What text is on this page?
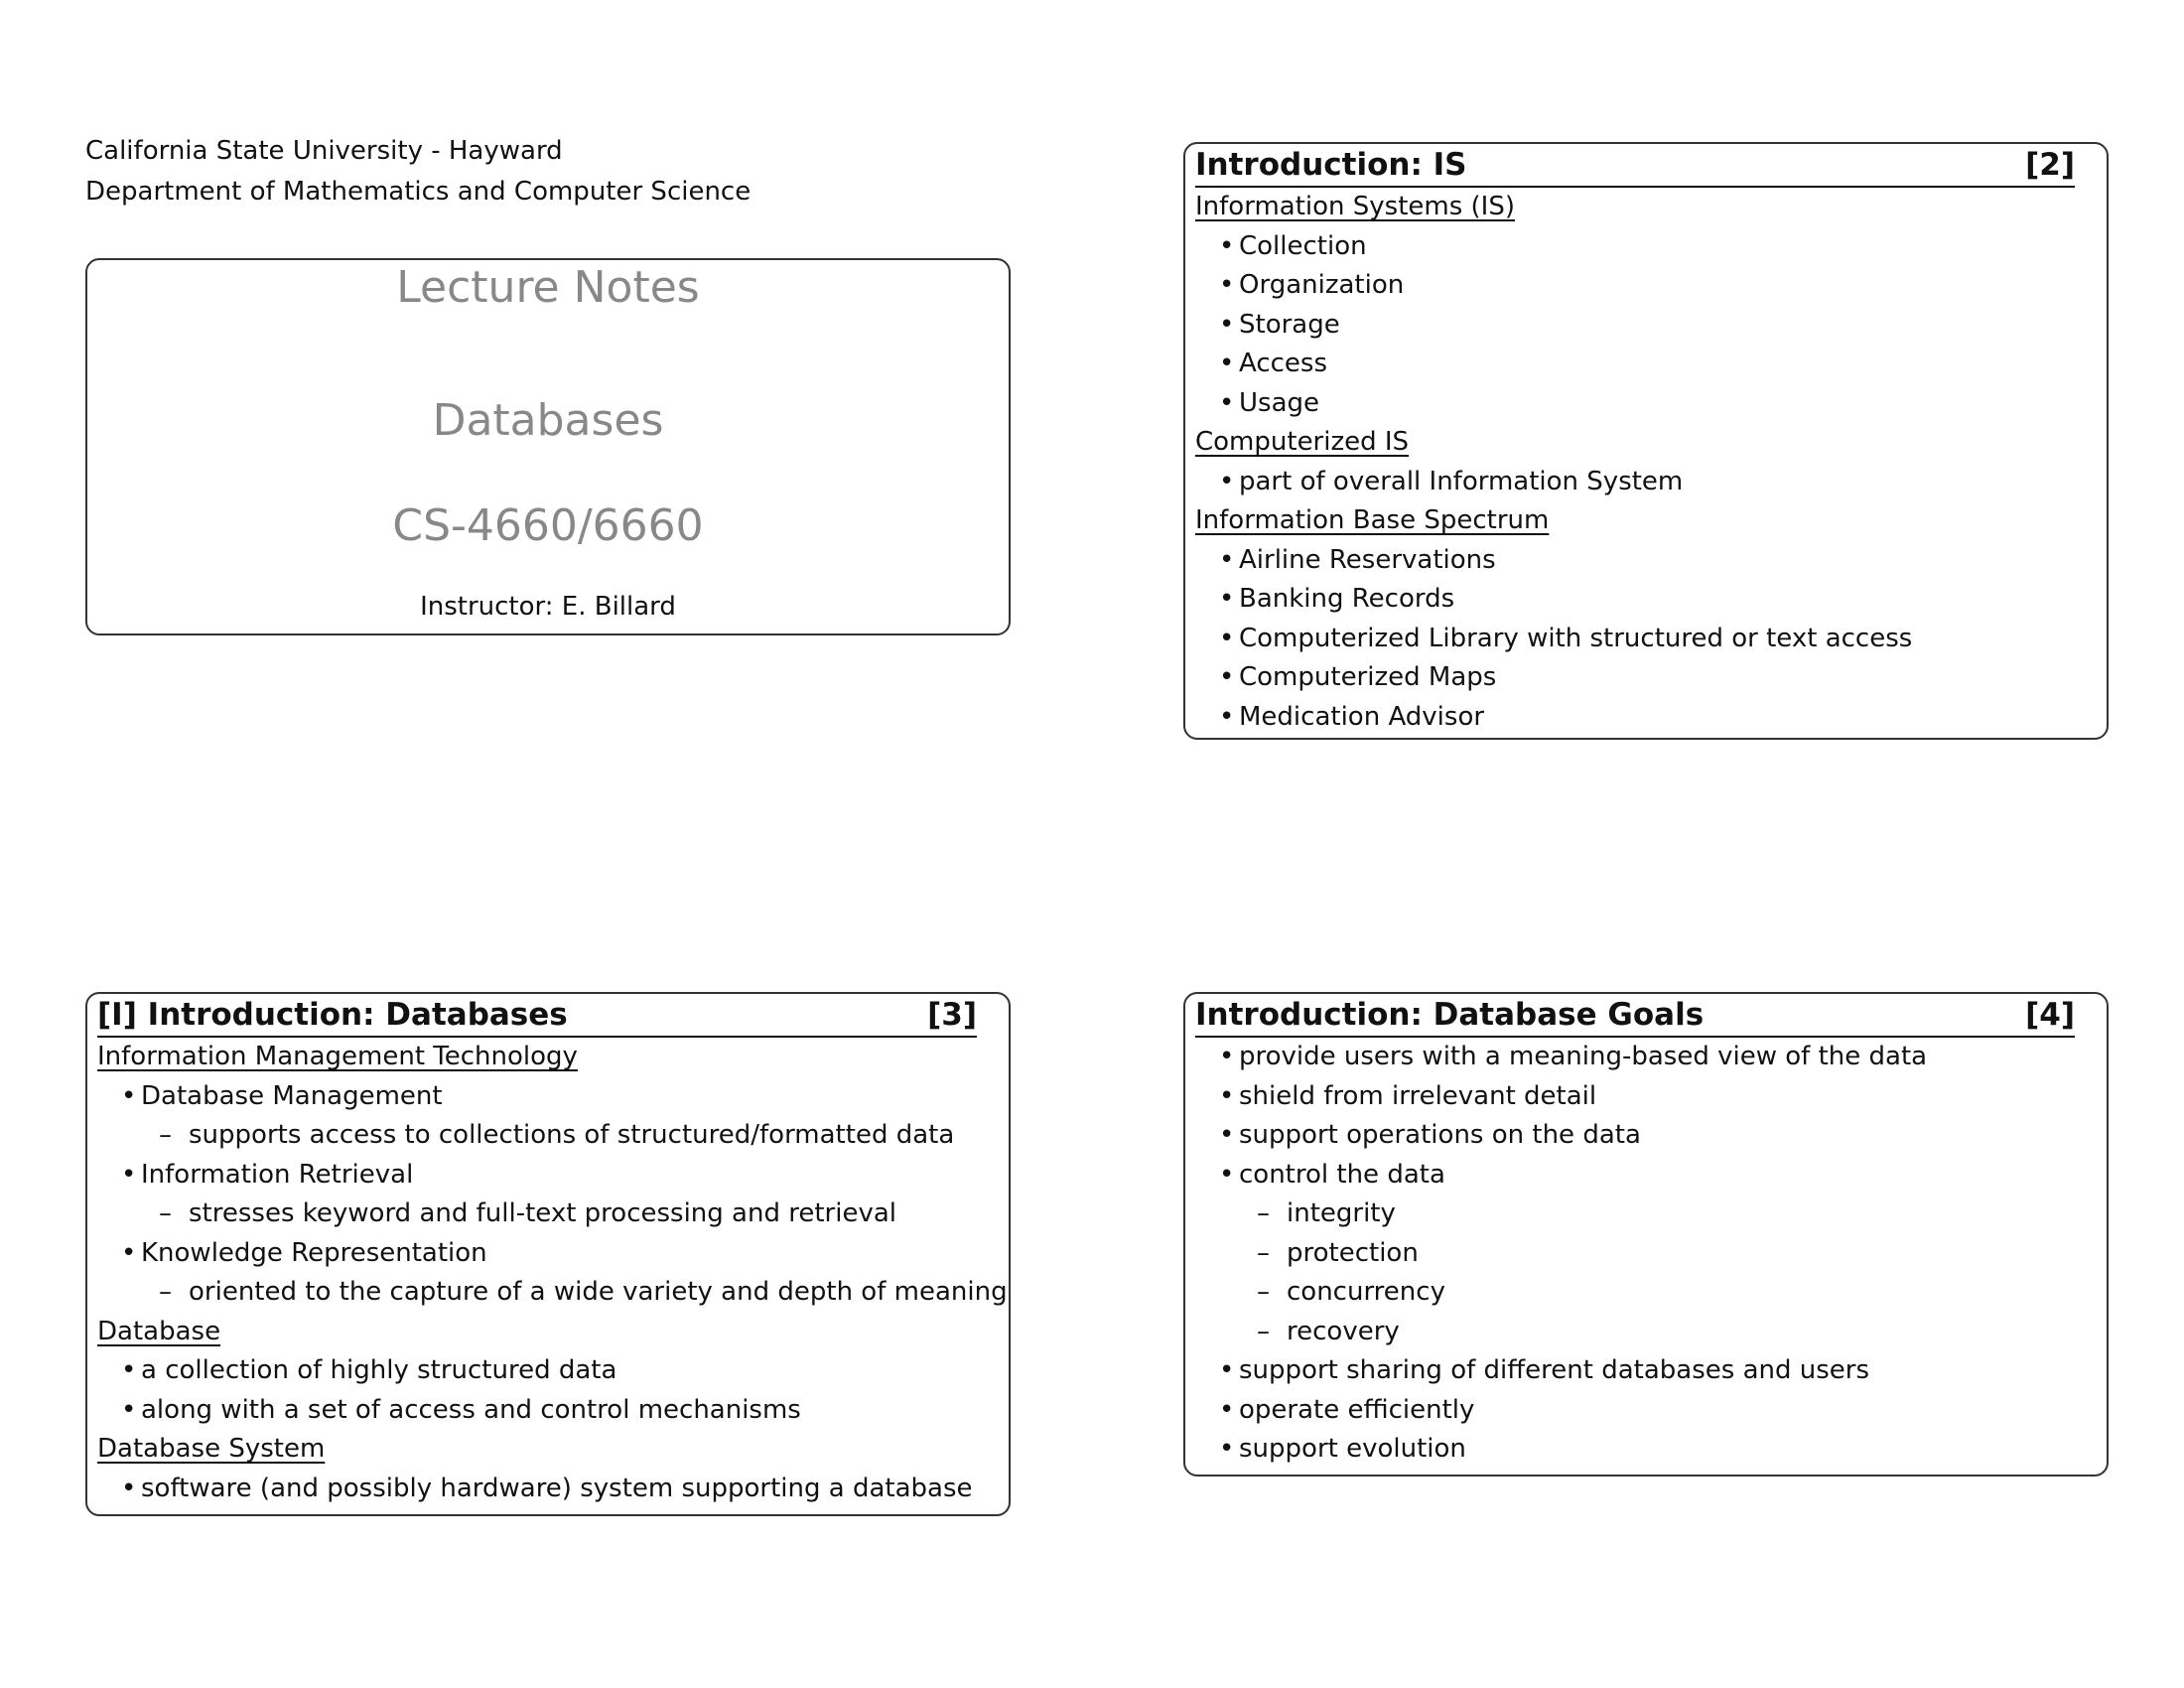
California State University - Hayward
Department of Mathematics and Computer Science
Lecture Notes
Databases
CS-4660/6660
Instructor: E. Billard
Introduction: IS	[2]
Information Systems (IS)
• Collection
• Organization
• Storage
• Access
• Usage
Computerized IS
• part of overall Information System
Information Base Spectrum
• Airline Reservations
• Banking Records
• Computerized Library with structured or text access
• Computerized Maps
• Medication Advisor
[I] Introduction: Databases	[3]
Information Management Technology
• Database Management
– supports access to collections of structured/formatted data
• Information Retrieval
– stresses keyword and full-text processing and retrieval
• Knowledge Representation
– oriented to the capture of a wide variety and depth of meaning
Database
• a collection of highly structured data
• along with a set of access and control mechanisms
Database System
• software (and possibly hardware) system supporting a database
Introduction: Database Goals	[4]
• provide users with a meaning-based view of the data
• shield from irrelevant detail
• support operations on the data
• control the data
– integrity
– protection
– concurrency
– recovery
• support sharing of different databases and users
• operate efficiently
• support evolution
